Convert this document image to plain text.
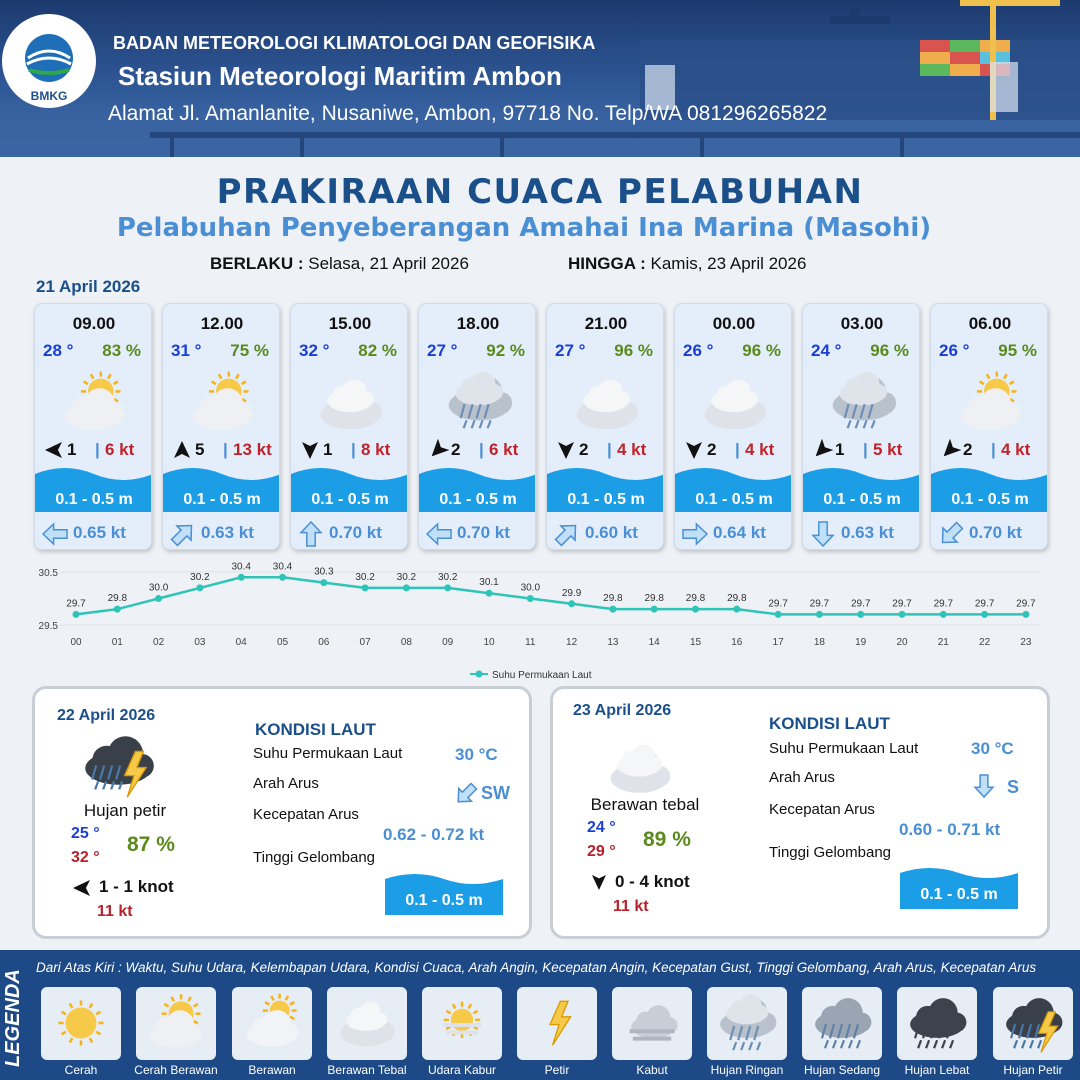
BMKG
BADAN METEOROLOGI KLIMATOLOGI DAN GEOFISIKA
Stasiun Meteorologi Maritim Ambon
Alamat Jl. Amanlanite, Nusaniwe, Ambon, 97718 No. Telp/WA 081296265822
PRAKIRAAN CUACA PELABUHAN
Pelabuhan Penyeberangan Amahai Ina Marina (Masohi)
BERLAKU : Selasa, 21 April 2026	HINGGA : Kamis, 23 April 2026
21 April 2026
09.00
28 ° 83 %
1 | 6 kt
0.1 - 0.5 m
0.65 kt
12.00
31 ° 75 %
5 | 13 kt
0.1 - 0.5 m
0.63 kt
15.00
32 ° 82 %
1 | 8 kt
0.1 - 0.5 m
0.70 kt
18.00
27 ° 92 %
2 | 6 kt
0.1 - 0.5 m
0.70 kt
21.00
27 ° 96 %
2 | 4 kt
0.1 - 0.5 m
0.60 kt
00.00
26 ° 96 %
2 | 4 kt
0.1 - 0.5 m
0.64 kt
03.00
24 ° 96 %
1 | 5 kt
0.1 - 0.5 m
0.63 kt
06.00
26 ° 95 %
2 | 4 kt
0.1 - 0.5 m
0.70 kt
30.5
29.5
29.7
00
29.8
01
30.0
02
30.2
03
30.4
04
30.4
05
30.3
06
30.2
07
30.2
08
30.2
09
30.1
10
30.0
11
29.9
12
29.8
13
29.8
14
29.8
15
29.8
16
29.7
17
29.7
18
29.7
19
29.7
20
29.7
21
29.7
22
29.7
23
Suhu Permukaan Laut
22 April 2026
Hujan petir
25 °
32 °
87 %
1 - 1 knot
11 kt
KONDISI LAUT
Suhu Permukaan Laut	30 °C
Arah Arus	SW
Kecepatan Arus
0.62 - 0.72 kt
Tinggi Gelombang
0.1 - 0.5 m
23 April 2026
Berawan tebal
24 °
29 °
89 %
0 - 4 knot
11 kt
KONDISI LAUT
Suhu Permukaan Laut	30 °C
Arah Arus	S
Kecepatan Arus
0.60 - 0.71 kt
Tinggi Gelombang
0.1 - 0.5 m
LEGENDA
Dari Atas Kiri : Waktu, Suhu Udara, Kelembapan Udara, Kondisi Cuaca, Arah Angin, Kecepatan Angin, Kecepatan Gust, Tinggi Gelombang, Arah Arus, Kecepatan Arus
Cerah	Cerah Berawan	Berawan	Berawan Tebal	Udara Kabur	Petir	Kabut	Hujan Ringan	Hujan Sedang	Hujan Lebat	Hujan Petir
